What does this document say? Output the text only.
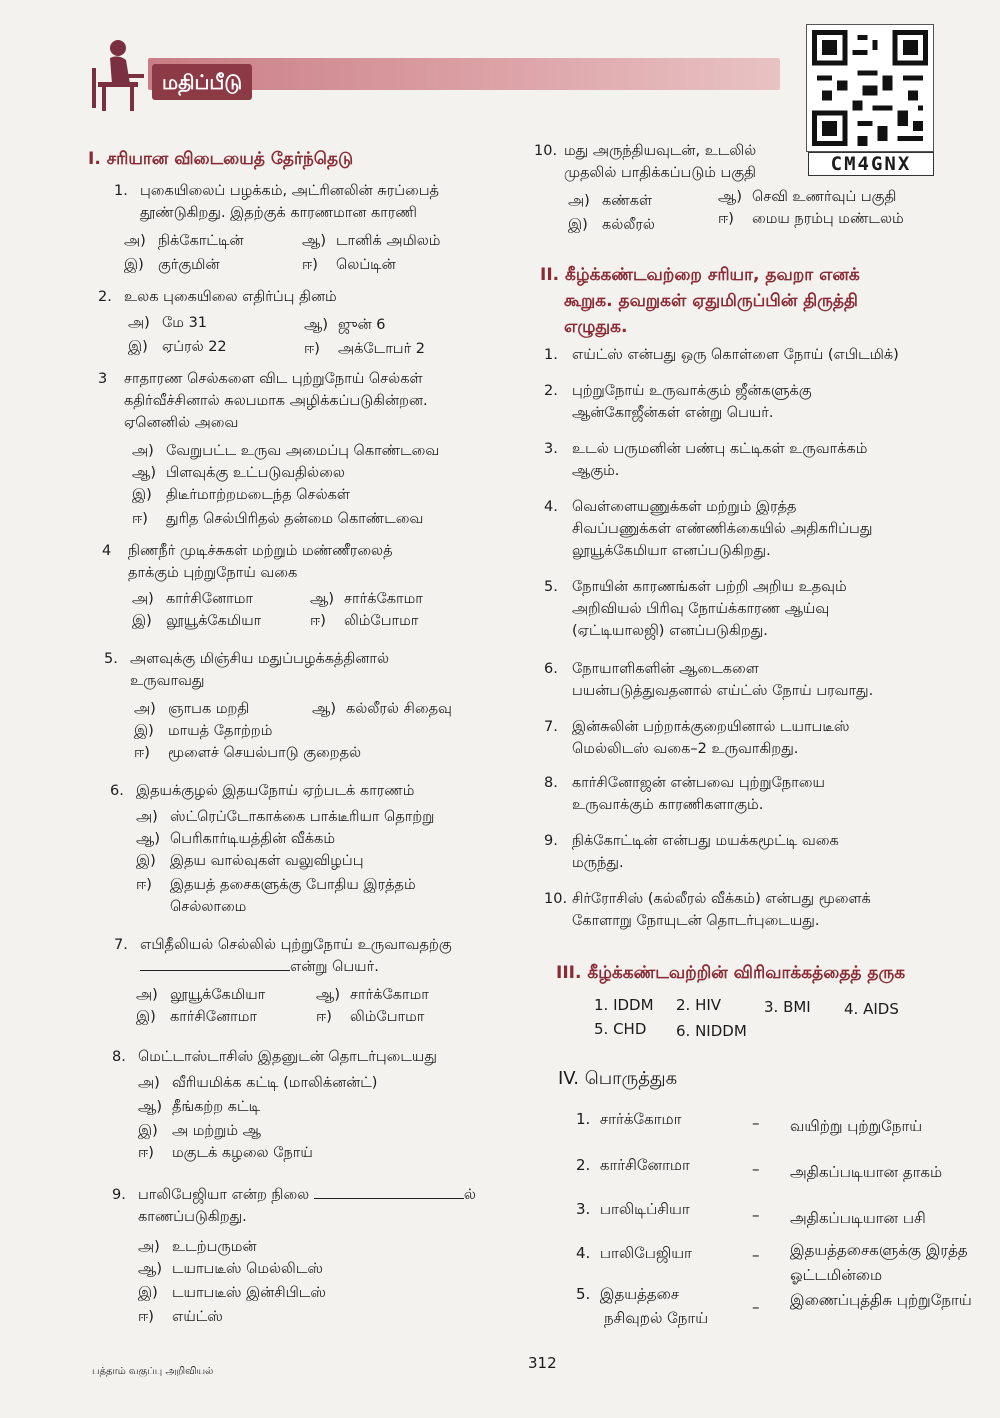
மதிப்பீடு
CM4GNX
I. சரியான விடையைத் தேர்ந்தெடு
1. புகையிலைப் பழக்கம், அட்ரினலின் சுரப்பைத்
தூண்டுகிறது. இதற்குக் காரணமான காரணி
அ) நிக்கோட்டின்	ஆ) டானிக் அமிலம்
இ) குர்குமின்	ஈ) லெப்டின்
2. உலக புகையிலை எதிர்ப்பு தினம்
அ) மே 31	ஆ) ஜுன் 6
இ) ஏப்ரல் 22	ஈ) அக்டோபர் 2
3 சாதாரண செல்களை விட புற்றுநோய் செல்கள்
கதிர்வீச்சினால் சுலபமாக அழிக்கப்படுகின்றன.
ஏனெனில் அவை
அ) வேறுபட்ட உருவ அமைப்பு கொண்டவை
ஆ) பிளவுக்கு உட்படுவதில்லை
இ) திடீர்மாற்றமடைந்த செல்கள்
ஈ) துரித செல்பிரிதல் தன்மை கொண்டவை
4 நிணநீர் முடிச்சுகள் மற்றும் மண்ணீரலைத்
தாக்கும் புற்றுநோய் வகை
அ) கார்சினோமா	ஆ) சார்க்கோமா
இ) லூயூக்கேமியா	ஈ) லிம்போமா
5. அளவுக்கு மிஞ்சிய மதுப்பழக்கத்தினால்
உருவாவது
அ) ஞாபக மறதி	ஆ) கல்லீரல் சிதைவு
இ) மாயத் தோற்றம்
ஈ) மூளைச் செயல்பாடு குறைதல்
6. இதயக்குழல் இதயநோய் ஏற்படக் காரணம்
அ) ஸ்ட்ரெப்டோகாக்கை பாக்டீரியா தொற்று
ஆ) பெரிகார்டியத்தின் வீக்கம்
இ) இதய வால்வுகள் வலுவிழப்பு
ஈ) இதயத் தசைகளுக்கு போதிய இரத்தம்
செல்லாமை
7. எபிதீலியல் செல்லில் புற்றுநோய் உருவாவதற்கு
என்று பெயர்.
அ) லூயூக்கேமியா	ஆ) சார்க்கோமா
இ) கார்சினோமா	ஈ) லிம்போமா
8. மெட்டாஸ்டாசிஸ் இதனுடன் தொடர்புடையது
அ) வீரியமிக்க கட்டி (மாலிக்னன்ட்)
ஆ) தீங்கற்ற கட்டி
இ) அ மற்றும் ஆ
ஈ) மகுடக் கழலை நோய்
9. பாலிபேஜியா என்ற நிலை	ல்
காணப்படுகிறது.
அ) உடற்பருமன்
ஆ) டயாபடீஸ் மெல்லிடஸ்
இ) டயாபடீஸ் இன்சிபிடஸ்
ஈ) எய்ட்ஸ்
10. மது அருந்தியவுடன், உடலில்
முதலில் பாதிக்கப்படும் பகுதி
அ) கண்கள்	ஆ) செவி உணர்வுப் பகுதி
இ) கல்லீரல்	ஈ) மைய நரம்பு மண்டலம்
II. கீழ்க்கண்டவற்றை சரியா, தவறா எனக்
கூறுக. தவறுகள் ஏதுமிருப்பின் திருத்தி
எழுதுக.
1. எய்ட்ஸ் என்பது ஒரு கொள்ளை நோய் (எபிடமிக்)
2. புற்றுநோய் உருவாக்கும் ஜீன்களுக்கு
ஆன்கோஜீன்கள் என்று பெயர்.
3. உடல் பருமனின் பண்பு கட்டிகள் உருவாக்கம்
ஆகும்.
4. வெள்ளையணுக்கள் மற்றும் இரத்த
சிவப்பணுக்கள் எண்ணிக்கையில் அதிகரிப்பது
லூயூக்கேமியா எனப்படுகிறது.
5. நோயின் காரணங்கள் பற்றி அறிய உதவும்
அறிவியல் பிரிவு நோய்க்காரண ஆய்வு
(ஏட்டியாலஜி) எனப்படுகிறது.
6. நோயாளிகளின் ஆடைகளை
பயன்படுத்துவதனால் எய்ட்ஸ் நோய் பரவாது.
7. இன்சுலின் பற்றாக்குறையினால் டயாபடீஸ்
மெல்லிடஸ் வகை–2 உருவாகிறது.
8. கார்சினோஜன் என்பவை புற்றுநோயை
உருவாக்கும் காரணிகளாகும்.
9. நிக்கோட்டின் என்பது மயக்கமூட்டி வகை
மருந்து.
10. சிர்ரோசிஸ் (கல்லீரல் வீக்கம்) என்பது மூளைக்
கோளாறு நோயுடன் தொடர்புடையது.
III. கீழ்க்கண்டவற்றின் விரிவாக்கத்தைத் தருக
1. IDDM 2. HIV	3. BMI 4. AIDS
5. CHD 6. NIDDM
IV. பொருத்துக
1. சார்க்கோமா	– வயிற்று புற்றுநோய்
2. கார்சினோமா	– அதிகப்படியான தாகம்
3. பாலிடிப்சியா	– அதிகப்படியான பசி
4. பாலிபேஜியா	– இதயத்தசைகளுக்கு இரத்த ஓட்டமின்மை
5. இதயத்தசை
நசிவுறல் நோய்
– இணைப்புத்திசு புற்றுநோய்
பத்தாம் வகுப்பு அறிவியல்	312
